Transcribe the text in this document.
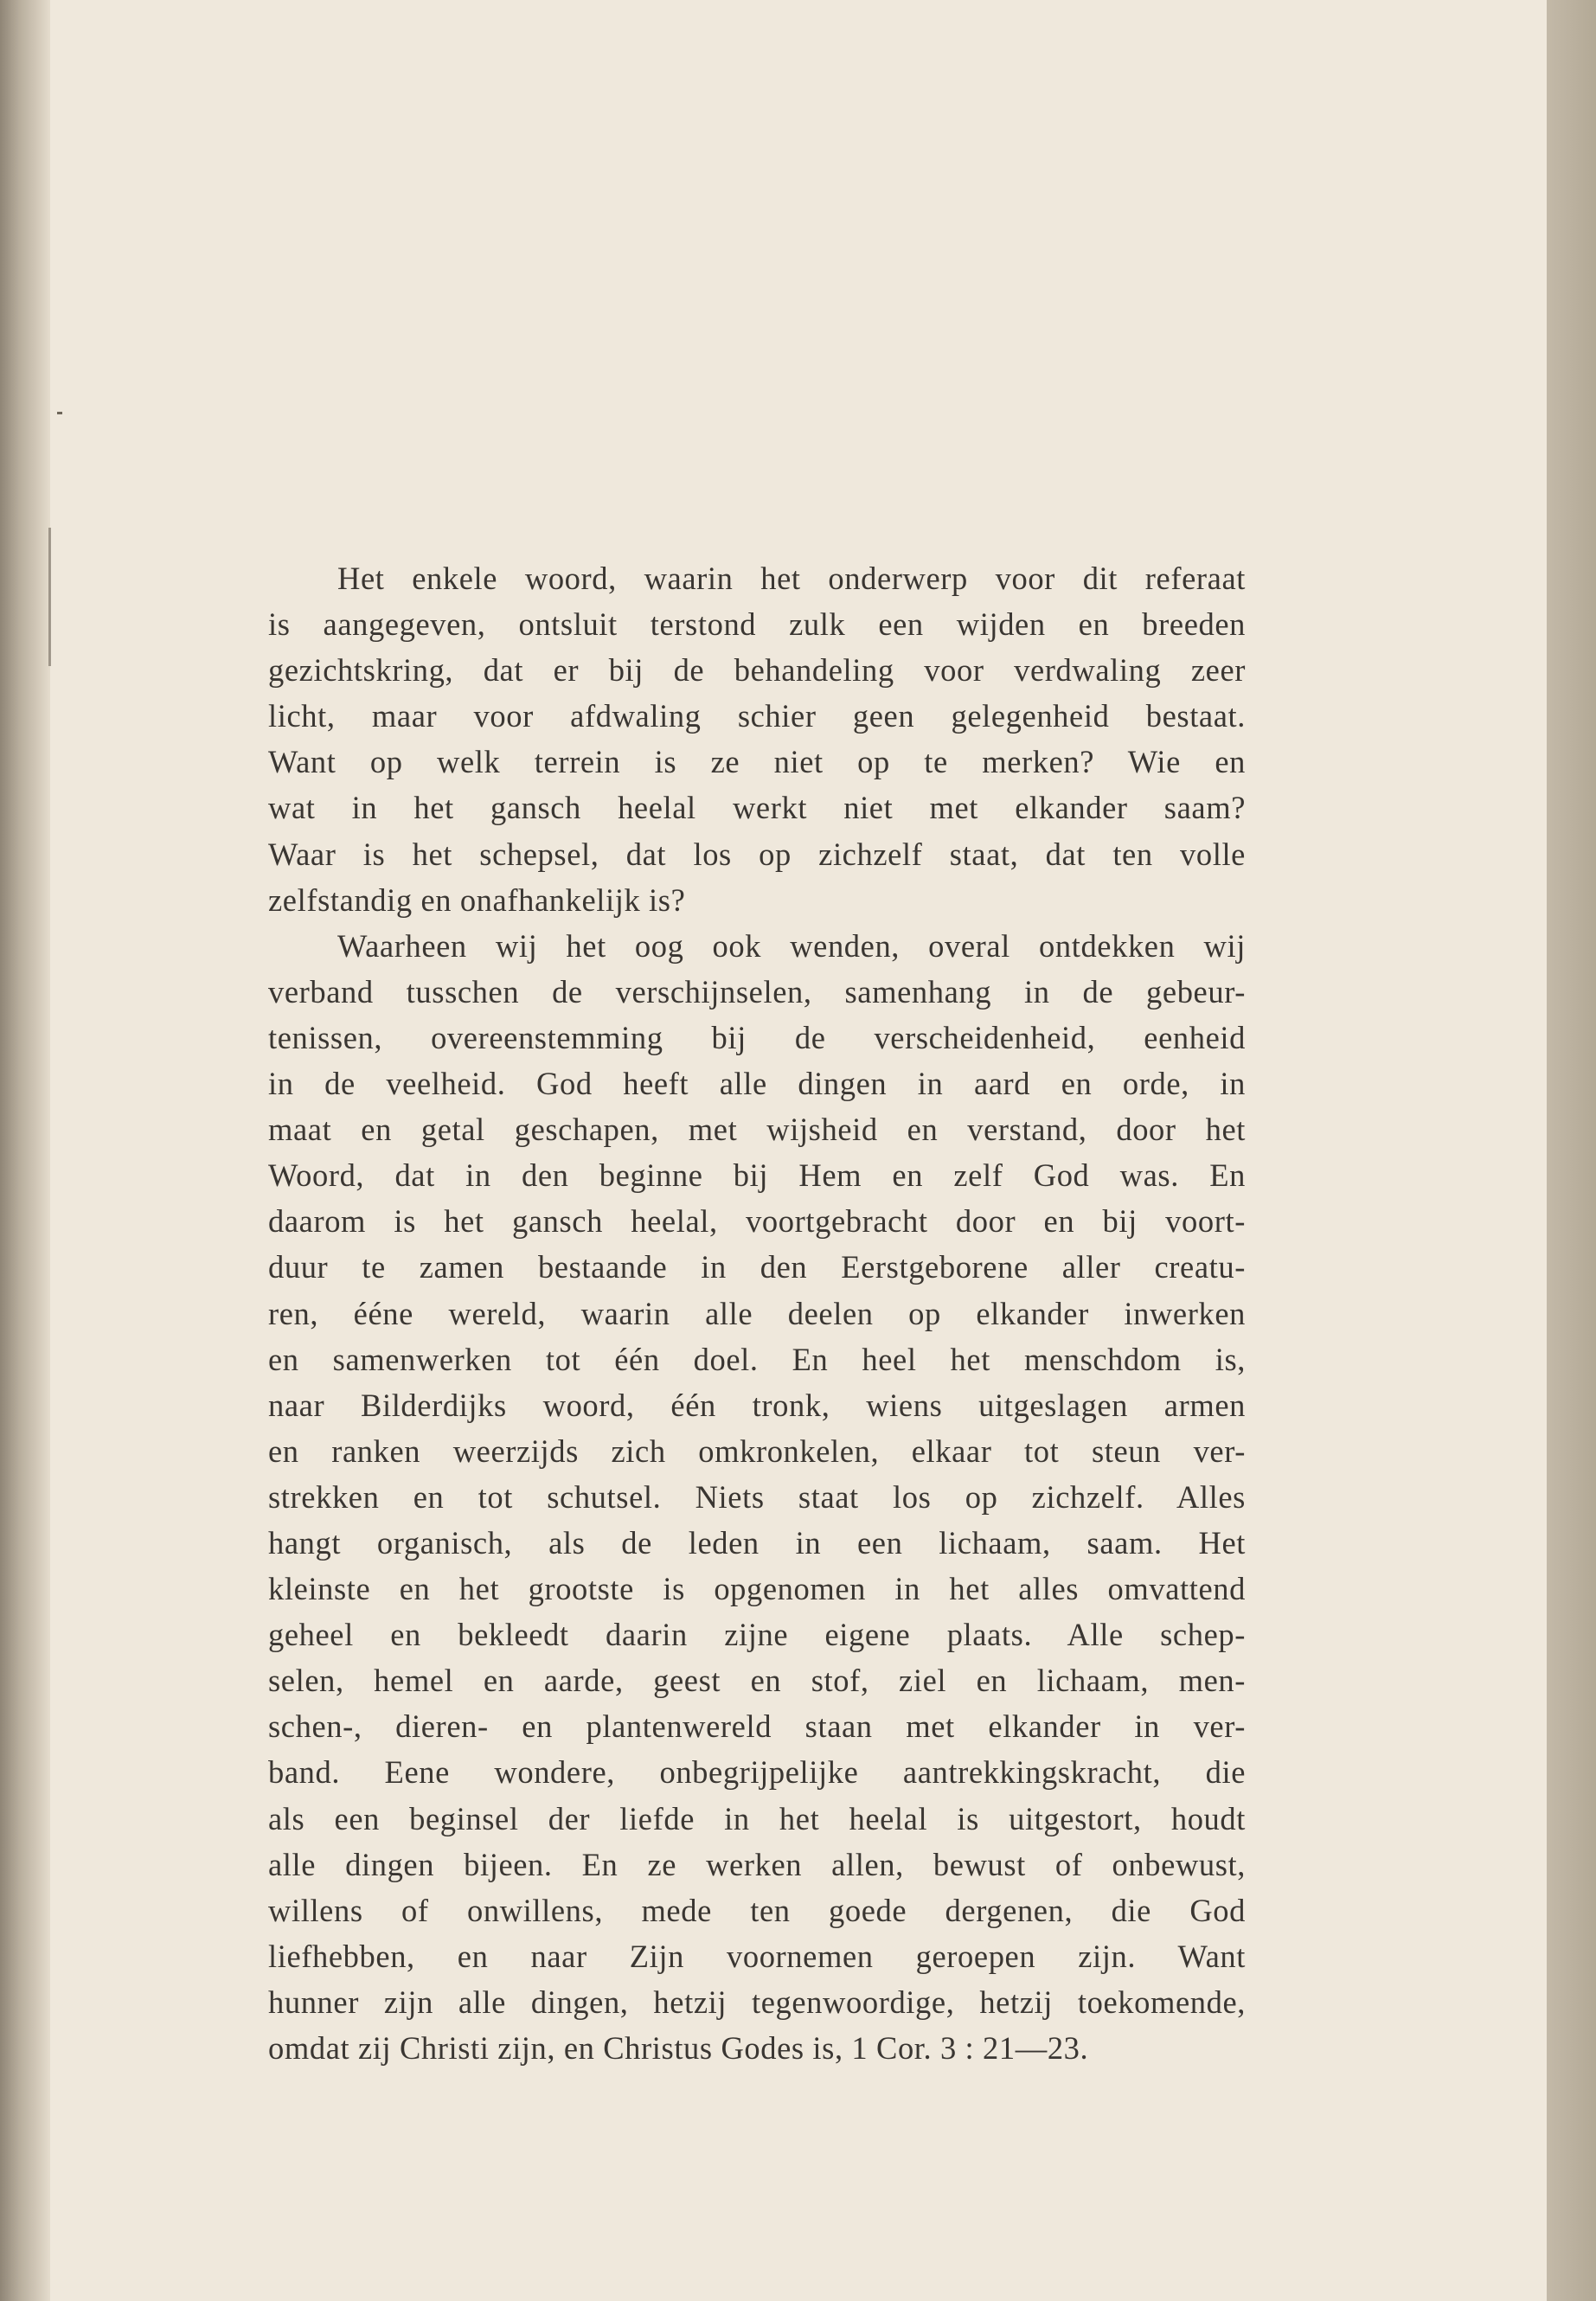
Het enkele woord, waarin het onderwerp voor dit referaat
is aangegeven, ontsluit terstond zulk een wijden en breeden
gezichtskring, dat er bij de behandeling voor verdwaling zeer
licht, maar voor afdwaling schier geen gelegenheid bestaat.
Want op welk terrein is ze niet op te merken? Wie en
wat in het gansch heelal werkt niet met elkander saam?
Waar is het schepsel, dat los op zichzelf staat, dat ten volle
zelfstandig en onafhankelijk is?
Waarheen wij het oog ook wenden, overal ontdekken wij
verband tusschen de verschijnselen, samenhang in de gebeur-
tenissen, overeenstemming bij de verscheidenheid, eenheid
in de veelheid. God heeft alle dingen in aard en orde, in
maat en getal geschapen, met wijsheid en verstand, door het
Woord, dat in den beginne bij Hem en zelf God was. En
daarom is het gansch heelal, voortgebracht door en bij voort-
duur te zamen bestaande in den Eerstgeborene aller creatu-
ren, ééne wereld, waarin alle deelen op elkander inwerken
en samenwerken tot één doel. En heel het menschdom is,
naar Bilderdijks woord, één tronk, wiens uitgeslagen armen
en ranken weerzijds zich omkronkelen, elkaar tot steun ver-
strekken en tot schutsel. Niets staat los op zichzelf. Alles
hangt organisch, als de leden in een lichaam, saam. Het
kleinste en het grootste is opgenomen in het alles omvattend
geheel en bekleedt daarin zijne eigene plaats. Alle schep-
selen, hemel en aarde, geest en stof, ziel en lichaam, men-
schen-, dieren- en plantenwereld staan met elkander in ver-
band. Eene wondere, onbegrijpelijke aantrekkingskracht, die
als een beginsel der liefde in het heelal is uitgestort, houdt
alle dingen bijeen. En ze werken allen, bewust of onbewust,
willens of onwillens, mede ten goede dergenen, die God
liefhebben, en naar Zijn voornemen geroepen zijn. Want
hunner zijn alle dingen, hetzij tegenwoordige, hetzij toekomende,
omdat zij Christi zijn, en Christus Godes is, 1 Cor. 3 : 21—23.
